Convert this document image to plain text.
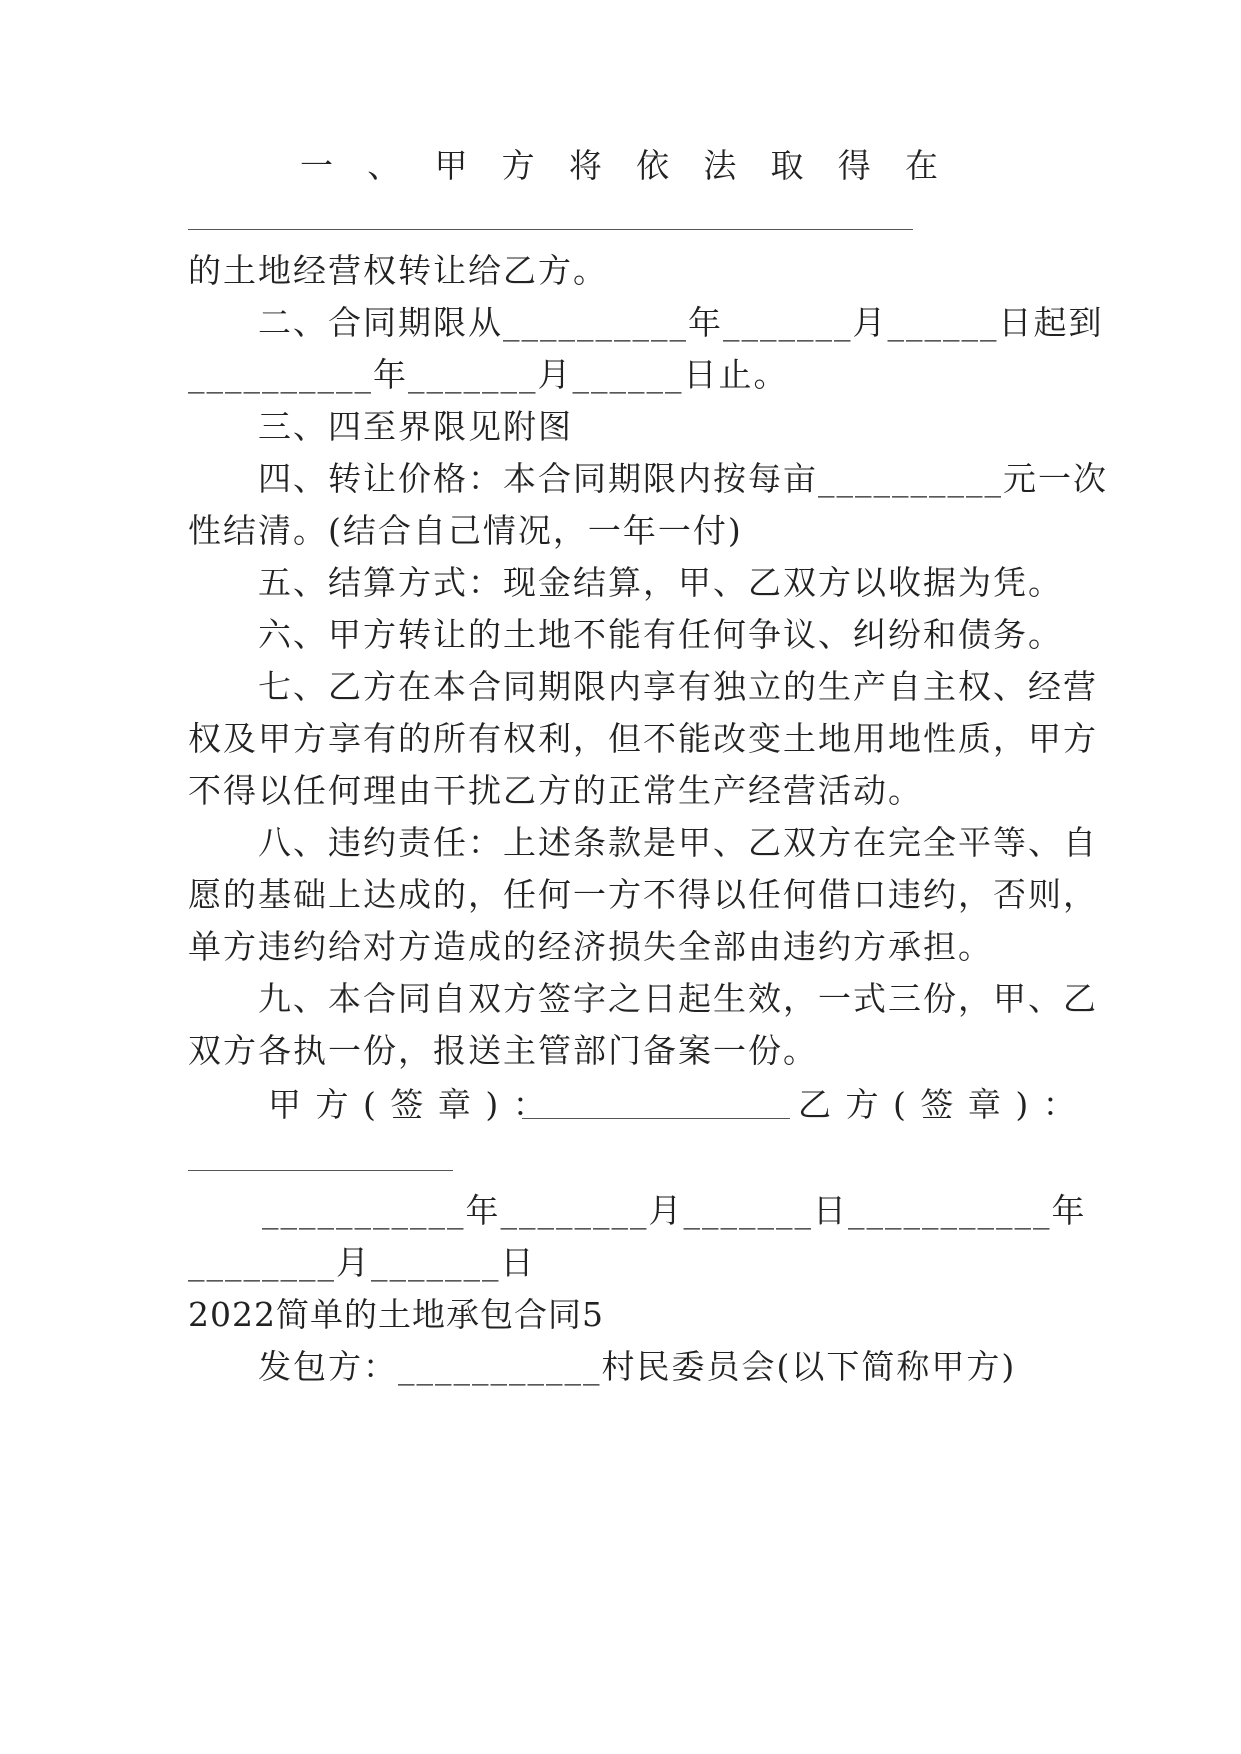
一 、 甲 方 将 依 法 取 得 在
的土地经营权转让给乙方。
二、合同期限从__________年_______月______日起到
__________年_______月______日止。
三、四至界限见附图
四、转让价格：本合同期限内按每亩__________元一次
性结清。(结合自己情况，一年一付)
五、结算方式：现金结算，甲、乙双方以收据为凭。
六、甲方转让的土地不能有任何争议、纠纷和债务。
七、乙方在本合同期限内享有独立的生产自主权、经营
权及甲方享有的所有权利，但不能改变土地用地性质，甲方
不得以任何理由干扰乙方的正常生产经营活动。
八、违约责任：上述条款是甲、乙双方在完全平等、自
愿的基础上达成的，任何一方不得以任何借口违约，否则，
单方违约给对方造成的经济损失全部由违约方承担。
九、本合同自双方签字之日起生效，一式三份，甲、乙
双方各执一份，报送主管部门备案一份。
甲 方 ( 签 章 ) ：	乙 方 ( 签 章 ) ：
___________年________月_______日___________年
________月_______日
2022简单的土地承包合同5
发包方：___________村民委员会(以下简称甲方)
